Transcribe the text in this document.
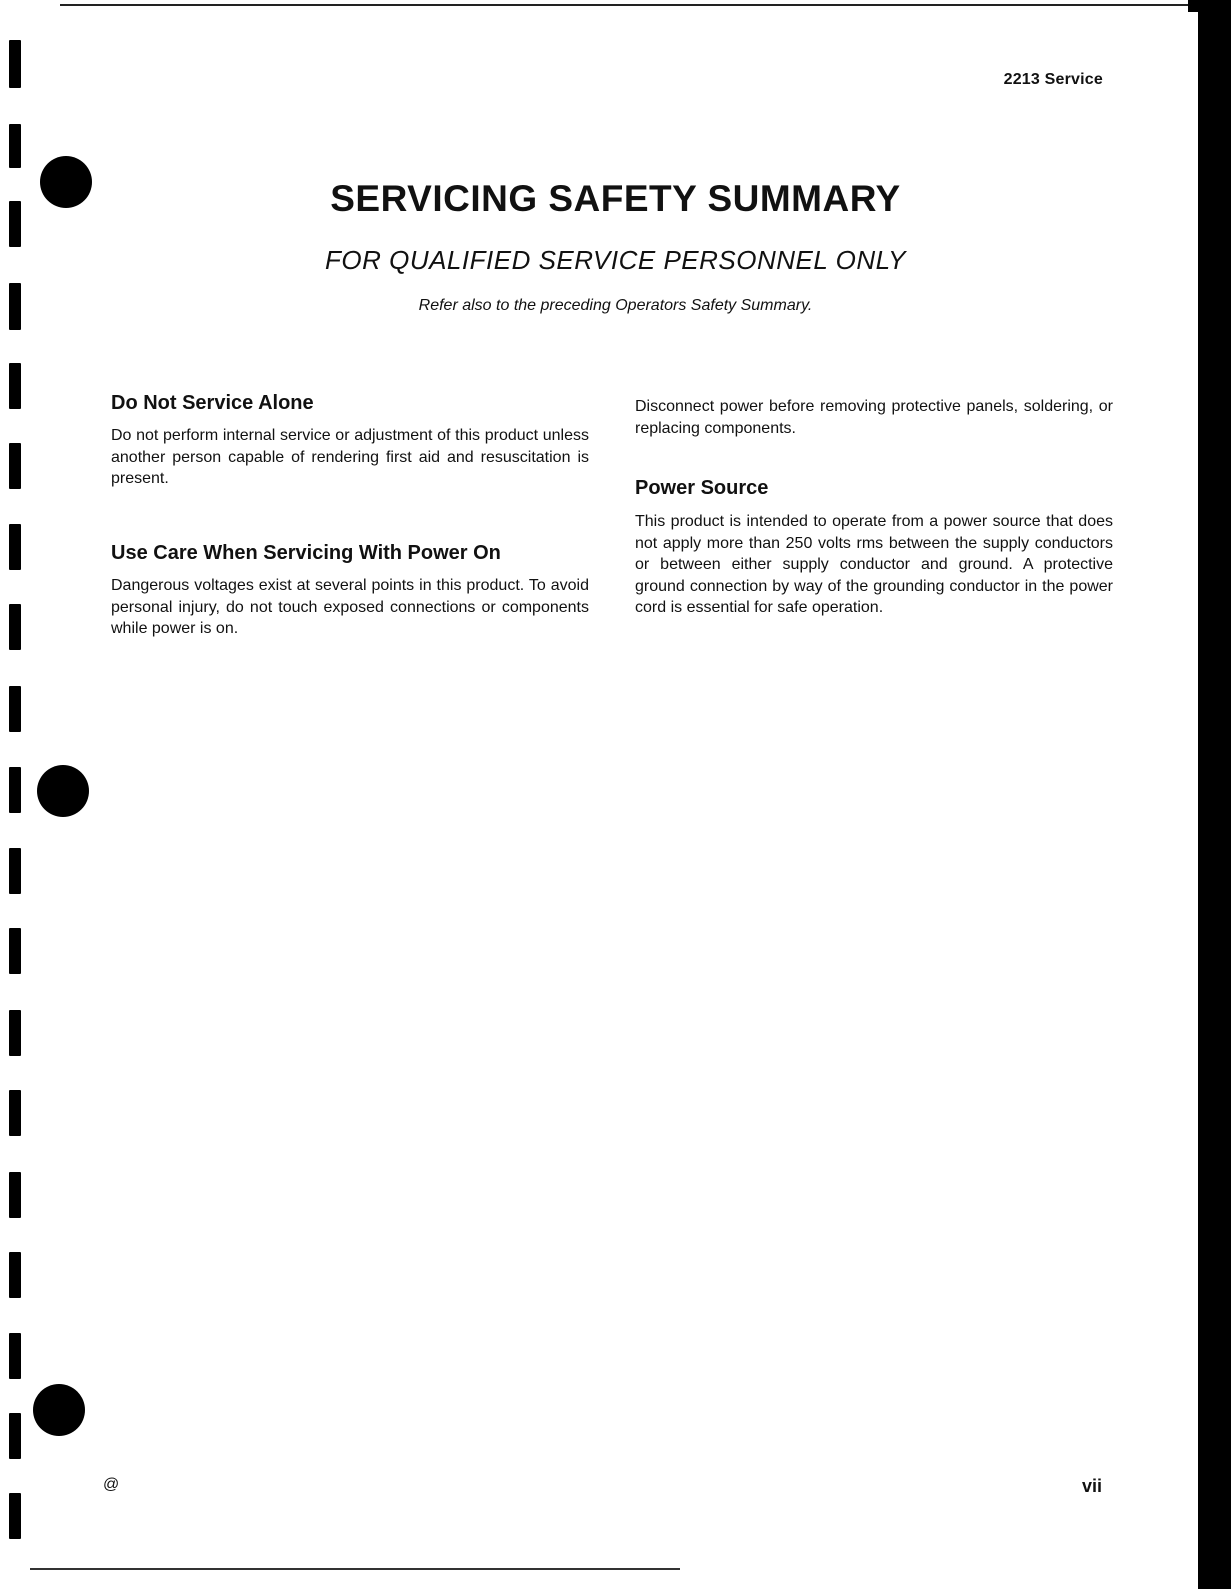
2213 Service
SERVICING SAFETY SUMMARY
FOR QUALIFIED SERVICE PERSONNEL ONLY
Refer also to the preceding Operators Safety Summary.
Do Not Service Alone
Do not perform internal service or adjustment of this product unless another person capable of rendering first aid and resuscitation is present.
Use Care When Servicing With Power On
Dangerous voltages exist at several points in this product. To avoid personal injury, do not touch exposed connections or components while power is on.
Disconnect power before removing protective panels, soldering, or replacing components.
Power Source
This product is intended to operate from a power source that does not apply more than 250 volts rms between the supply conductors or between either supply conductor and ground. A protective ground connection by way of the grounding conductor in the power cord is essential for safe operation.
@	vii
